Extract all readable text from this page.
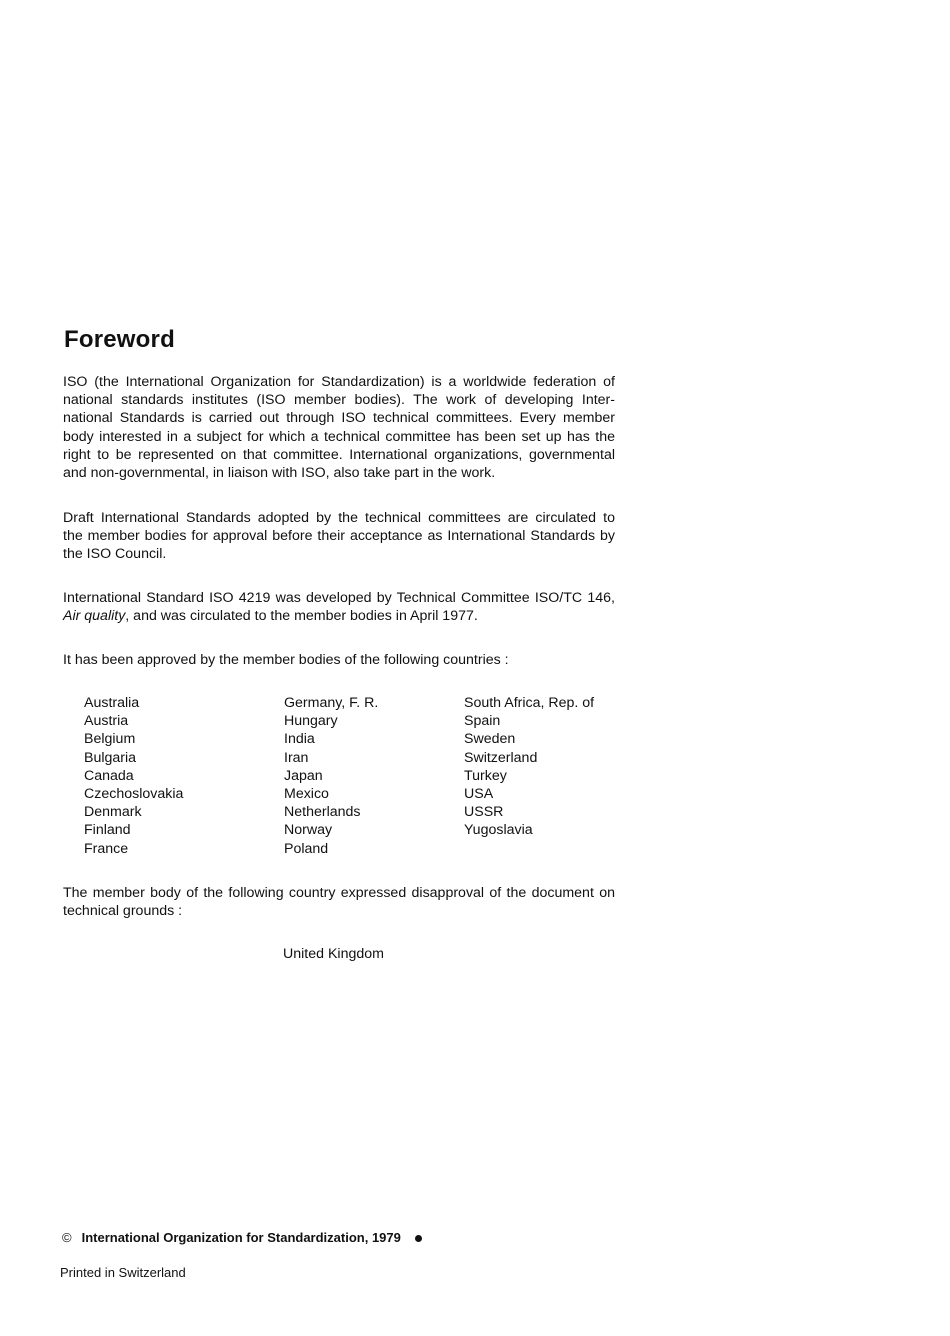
Foreword

ISO (the International Organization for Standardization) is a worldwide federation of
national standards institutes (ISO member bodies). The work of developing Inter-
national Standards is carried out through ISO technical committees. Every member
body interested in a subject for which a technical committee has been set up has the
right to be represented on that committee. International organizations, governmental
and non-governmental, in liaison with ISO, also take part in the work.

Draft International Standards adopted by the technical committees are circulated to
the member bodies for approval before their acceptance as International Standards by
the ISO Council.

International Standard ISO 4219 was developed by Technical Committee ISO/TC 146,
Air quality, and was circulated to the member bodies in April 1977.

It has been approved by the member bodies of the following countries :

Australia
Austria
Belgium
Bulgaria
Canada
Czechoslovakia
Denmark
Finland
France
Germany, F. R.
Hungary
India
Iran
Japan
Mexico
Netherlands
Norway
Poland
South Africa, Rep. of
Spain
Sweden
Switzerland
Turkey
USA
USSR
Yugoslavia

The member body of the following country expressed disapproval of the document on
technical grounds :

United Kingdom
© International Organization for Standardization, 1979
Printed in Switzerland
